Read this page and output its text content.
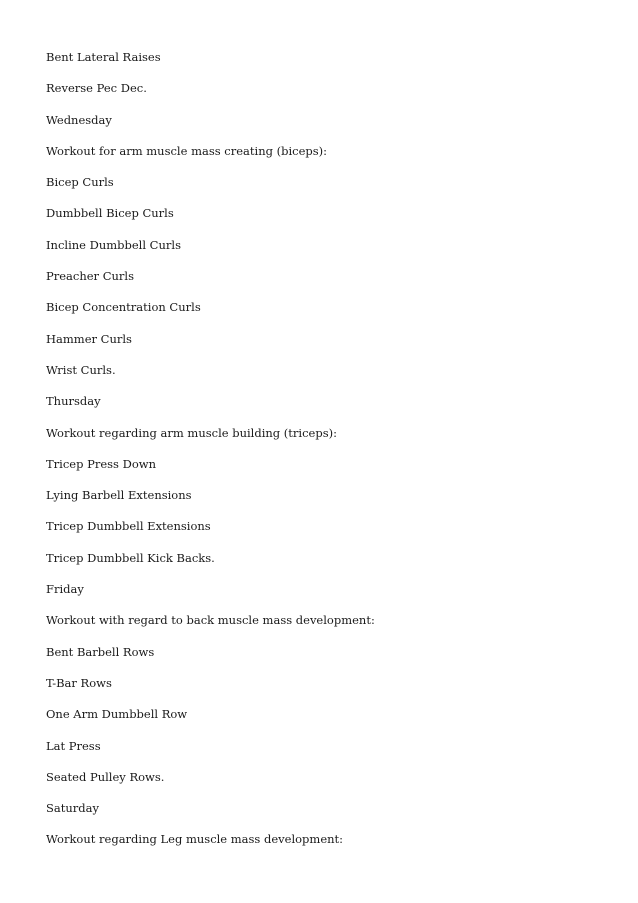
Bent Lateral Raises
Reverse Pec Dec.
Wednesday
Workout for arm muscle mass creating (biceps):
Bicep Curls
Dumbbell Bicep Curls
Incline Dumbbell Curls
Preacher Curls
Bicep Concentration Curls
Hammer Curls
Wrist Curls.
Thursday
Workout regarding arm muscle building (triceps):
Tricep Press Down
Lying Barbell Extensions
Tricep Dumbbell Extensions
Tricep Dumbbell Kick Backs.
Friday
Workout with regard to back muscle mass development:
Bent Barbell Rows
T-Bar Rows
One Arm Dumbbell Row
Lat Press
Seated Pulley Rows.
Saturday
Workout regarding Leg muscle mass development:
